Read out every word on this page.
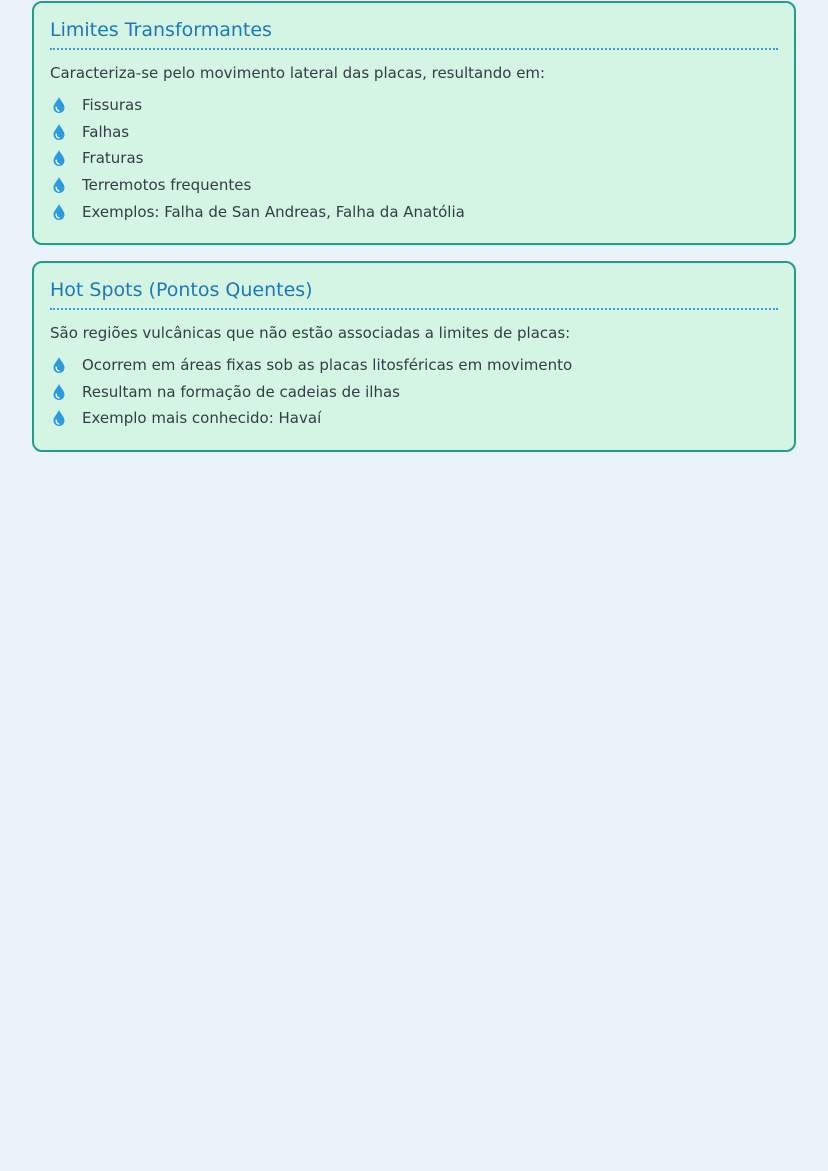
Limites Transformantes

Caracteriza-se pelo movimento lateral das placas, resultando em:

Fissuras
Falhas
Fraturas
Terremotos frequentes
Exemplos: Falha de San Andreas, Falha da Anatólia
Hot Spots (Pontos Quentes)

São regiões vulcânicas que não estão associadas a limites de placas:

Ocorrem em áreas fixas sob as placas litosféricas em movimento
Resultam na formação de cadeias de ilhas
Exemplo mais conhecido: Havaí
